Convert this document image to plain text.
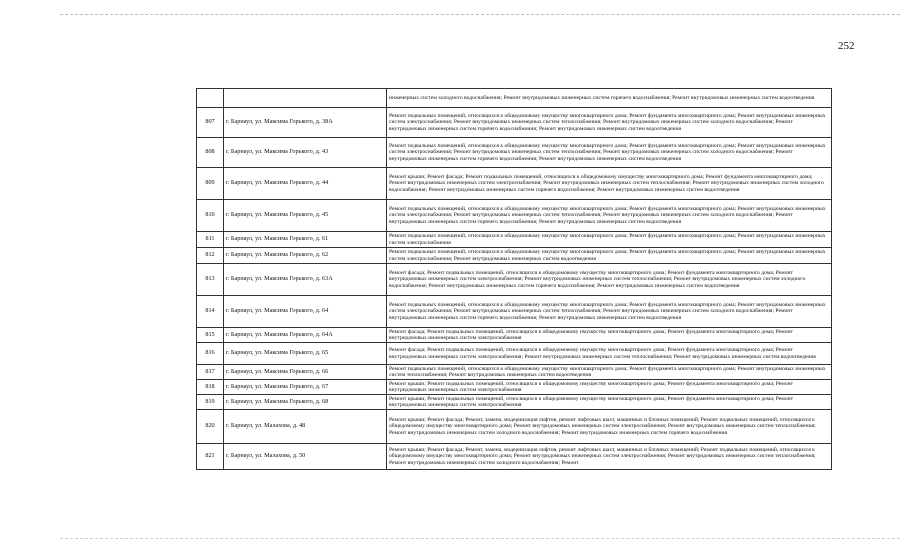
252
		инженерных систем холодного водоснабжения; Ремонт внутридомовых инженерных систем горячего водоснабжения; Ремонт внутридомовых инженерных систем водоотведения
807	г. Барнаул, ул. Максима Горького, д. 38А	Ремонт подвальных помещений, относящихся к общедомовому имуществу многоквартирного дома; Ремонт фундамента многоквартирного дома; Ремонт внутридомовых инженерных систем электроснабжения; Ремонт внутридомовых инженерных систем теплоснабжения; Ремонт внутридомовых инженерных систем холодного водоснабжения; Ремонт внутридомовых инженерных систем горячего водоснабжения; Ремонт внутридомовых инженерных систем водоотведения
808	г. Барнаул, ул. Максима Горького, д. 43	Ремонт подвальных помещений, относящихся к общедомовому имуществу многоквартирного дома; Ремонт фундамента многоквартирного дома; Ремонт внутридомовых инженерных систем электроснабжения; Ремонт внутридомовых инженерных систем теплоснабжения; Ремонт внутридомовых инженерных систем холодного водоснабжения; Ремонт внутридомовых инженерных систем горячего водоснабжения; Ремонт внутридомовых инженерных систем водоотведения
809	г. Барнаул, ул. Максима Горького, д. 44	Ремонт крыши; Ремонт фасада; Ремонт подвальных помещений, относящихся к общедомовому имуществу многоквартирного дома; Ремонт фундамента многоквартирного дома; Ремонт внутридомовых инженерных систем электроснабжения; Ремонт внутридомовых инженерных систем теплоснабжения; Ремонт внутридомовых инженерных систем холодного водоснабжения; Ремонт внутридомовых инженерных систем горячего водоснабжения; Ремонт внутридомовых инженерных систем водоотведения
810	г. Барнаул, ул. Максима Горького, д. 45	Ремонт подвальных помещений, относящихся к общедомовому имуществу многоквартирного дома; Ремонт фундамента многоквартирного дома; Ремонт внутридомовых инженерных систем электроснабжения; Ремонт внутридомовых инженерных систем теплоснабжения; Ремонт внутридомовых инженерных систем холодного водоснабжения; Ремонт внутридомовых инженерных систем горячего водоснабжения; Ремонт внутридомовых инженерных систем водоотведения
811	г. Барнаул, ул. Максима Горького, д. 61	Ремонт подвальных помещений, относящихся к общедомовому имуществу многоквартирного дома; Ремонт фундамента многоквартирного дома; Ремонт внутридомовых инженерных систем электроснабжения
812	г. Барнаул, ул. Максима Горького, д. 62	Ремонт подвальных помещений, относящихся к общедомовому имуществу многоквартирного дома; Ремонт фундамента многоквартирного дома; Ремонт внутридомовых инженерных систем электроснабжения; Ремонт внутридомовых инженерных систем водоотведения
813	г. Барнаул, ул. Максима Горького, д. 63А	Ремонт фасада; Ремонт подвальных помещений, относящихся к общедомовому имуществу многоквартирного дома; Ремонт фундамента многоквартирного дома; Ремонт внутридомовых инженерных систем электроснабжения; Ремонт внутридомовых инженерных систем теплоснабжения; Ремонт внутридомовых инженерных систем холодного водоснабжения; Ремонт внутридомовых инженерных систем горячего водоснабжения; Ремонт внутридомовых инженерных систем водоотведения
814	г. Барнаул, ул. Максима Горького, д. 64	Ремонт подвальных помещений, относящихся к общедомовому имуществу многоквартирного дома; Ремонт фундамента многоквартирного дома; Ремонт внутридомовых инженерных систем электроснабжения; Ремонт внутридомовых инженерных систем теплоснабжения; Ремонт внутридомовых инженерных систем холодного водоснабжения; Ремонт внутридомовых инженерных систем горячего водоснабжения; Ремонт внутридомовых инженерных систем водоотведения
815	г. Барнаул, ул. Максима Горького, д. 64А	Ремонт фасада; Ремонт подвальных помещений, относящихся к общедомовому имуществу многоквартирного дома; Ремонт фундамента многоквартирного дома; Ремонт внутридомовых инженерных систем электроснабжения
816	г. Барнаул, ул. Максима Горького, д. 65	Ремонт фасада; Ремонт подвальных помещений, относящихся к общедомовому имуществу многоквартирного дома; Ремонт фундамента многоквартирного дома; Ремонт внутридомовых инженерных систем электроснабжения; Ремонт внутридомовых инженерных систем теплоснабжения; Ремонт внутридомовых инженерных систем водоотведения
817	г. Барнаул, ул. Максима Горького, д. 66	Ремонт подвальных помещений, относящихся к общедомовому имуществу многоквартирного дома; Ремонт фундамента многоквартирного дома; Ремонт внутридомовых инженерных систем теплоснабжения; Ремонт внутридомовых инженерных систем водоотведения
818	г. Барнаул, ул. Максима Горького, д. 67	Ремонт крыши; Ремонт подвальных помещений, относящихся к общедомовому имуществу многоквартирного дома; Ремонт фундамента многоквартирного дома; Ремонт внутридомовых инженерных систем электроснабжения
819	г. Барнаул, ул. Максима Горького, д. 68	Ремонт крыши; Ремонт подвальных помещений, относящихся к общедомовому имуществу многоквартирного дома; Ремонт фундамента многоквартирного дома; Ремонт внутридомовых инженерных систем электроснабжения
820	г. Барнаул, ул. Малахова, д. 48	Ремонт крыши; Ремонт фасада; Ремонт, замена, модернизация лифтов, ремонт лифтовых шахт, машинных и блочных помещений; Ремонт подвальных помещений, относящихся к общедомовому имуществу многоквартирного дома; Ремонт внутридомовых инженерных систем электроснабжения; Ремонт внутридомовых инженерных систем теплоснабжения; Ремонт внутридомовых инженерных систем холодного водоснабжения; Ремонт внутридомовых инженерных систем горячего водоснабжения
821	г. Барнаул, ул. Малахова, д. 50	Ремонт крыши; Ремонт фасада; Ремонт, замена, модернизация лифтов, ремонт лифтовых шахт, машинных и блочных помещений; Ремонт подвальных помещений, относящихся к общедомовому имуществу многоквартирного дома; Ремонт внутридомовых инженерных систем электроснабжения; Ремонт внутридомовых инженерных систем теплоснабжения; Ремонт внутридомовых инженерных систем холодного водоснабжения; Ремонт
